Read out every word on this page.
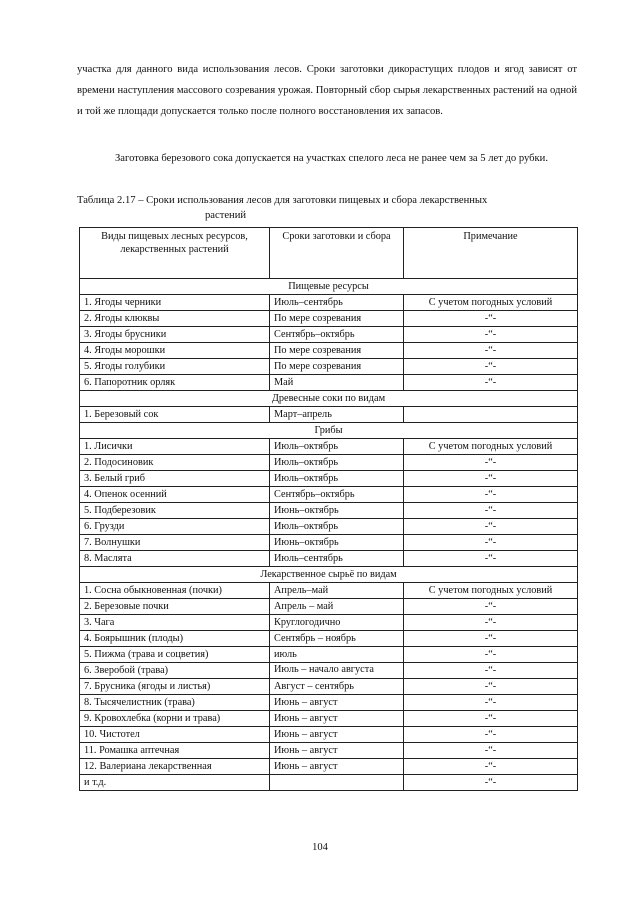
участка для данного вида использования лесов. Сроки заготовки дикорастущих плодов и ягод зависят от времени наступления массового созревания урожая. Повторный сбор сырья лекарственных растений на одной и той же площади допускается только после полного восстановления их запасов.

Заготовка березового сока допускается на участках спелого леса не ранее чем за 5 лет до рубки.

Таблица 2.17 – Сроки использования лесов для заготовки пищевых и сбора лекарственных
растений

Виды пищевых лесных ресурсов, лекарственных растений	Сроки заготовки и сбора	Примечание
Пищевые ресурсы		
1. Ягоды черники	Июль–сентябрь	С учетом погодных условий
2. Ягоды клюквы	По мере созревания	-“-
3. Ягоды брусники	Сентябрь–октябрь	-“-
4. Ягоды морошки	По мере созревания	-“-
5. Ягоды голубики	По мере созревания	-“-
6. Папоротник орляк	Май	-“-
Древесные соки по видам		
1. Березовый сок	Март–апрель	
Грибы		
1. Лисички	Июль–октябрь	С учетом погодных условий
2. Подосиновик	Июль–октябрь	-“-
3. Белый гриб	Июль–октябрь	-“-
4. Опенок осенний	Сентябрь–октябрь	-“-
5. Подберезовик	Июнь–октябрь	-“-
6. Грузди	Июль–октябрь	-“-
7. Волнушки	Июнь–октябрь	-“-
8. Маслята	Июль–сентябрь	-“-
Лекарственное сырьё по видам		
1. Сосна обыкновенная (почки)	Апрель–май	С учетом погодных условий
2. Березовые почки	Апрель – май	-“-
3. Чага	Круглогодично	-“-
4. Боярышник (плоды)	Сентябрь – ноябрь	-“-
5. Пижма (трава и соцветия)	июль	-“-
6. Зверобой (трава)	Июль – начало августа	-“-
7. Брусника (ягоды и листья)	Август – сентябрь	-“-
8. Тысячелистник (трава)	Июнь – август	-“-
9. Кровохлебка (корни и трава)	Июнь – август	-“-
10. Чистотел	Июнь – август	-“-
11. Ромашка аптечная	Июнь – август	-“-
12. Валериана лекарственная	Июнь – август	-“-
и т.д.		-“-
104
